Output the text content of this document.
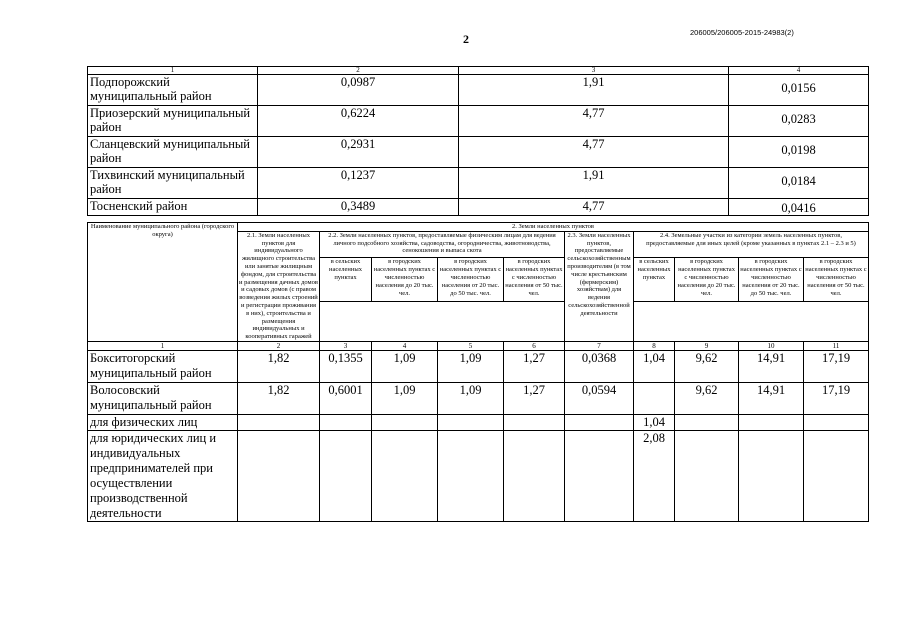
2	206005/206005-2015-24983(2)
1	2	3	4
Подпорожский муниципальный район	0,0987	1,91	0,0156
Приозерский муниципальный район	0,6224	4,77	0,0283
Сланцевский муниципальный район	0,2931	4,77	0,0198
Тихвинский муниципальный район	0,1237	1,91	0,0184
Тосненский район	0,3489	4,77	0,0416
Наименование муниципального района (городского округа)	2. Земли населенных пунктов									
	2.1. Земли населенных пунктов для индивидуального жилищного строительства или занятые жилищным фондом, для строительства и размещения дачных домов и садовых домов (с правом возведения жилых строений и регистрации проживания в них), строительства и размещения индивидуальных и кооперативных гаражей	2.2. Земли населенных пунктов, предоставляемые физическим лицам для ведения личного подсобного хозяйства, садоводства, огородничества, животноводства, сенокошения и выпаса скота				2.3. Земли населенных пунктов, предоставляемые сельскохозяйственным производителям (в том числе крестьянским (фермерским) хозяйствам) для ведения сельскохозяйственной деятельности	2.4. Земельные участки из категории земель населенных пунктов, предоставляемые для иных целей (кроме указанных в пунктах 2.1 – 2.3 и 5)			
		в сельских населенных пунктах	в городских населенных пунктах с численностью населения до 20 тыс. чел.	в городских населенных пунктах с численностью населения от 20 тыс. до 50 тыс. чел.	в городских населенных пунктах с численностью населения от 50 тыс. чел.		в сельских населенных пунктах	в городских населенных пунктах с численностью населения до 20 тыс. чел.	в городских населенных пунктах с численностью населения от 20 тыс. до 50 тыс. чел.	в городских населенных пунктах с численностью населения от 50 тыс. чел.

1	2	3	4	5	6	7	8	9	10	11
Бокситогорский муниципальный район	1,82	0,1355	1,09	1,09	1,27	0,0368	1,04	9,62	14,91	17,19
Волосовский муниципальный район	1,82	0,6001	1,09	1,09	1,27	0,0594		9,62	14,91	17,19
для физических лиц							1,04			
для юридических лиц и индивидуальных предпринимателей при осуществлении производственной деятельности							2,08			
